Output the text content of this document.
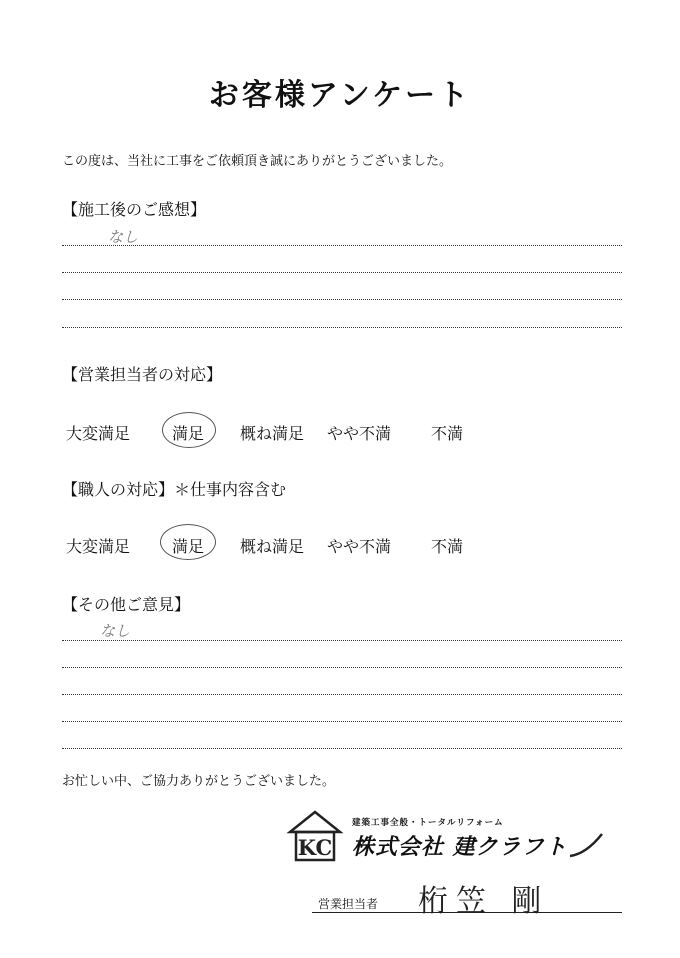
お客様アンケート
この度は、当社に工事をご依頼頂き誠にありがとうございました。
【施工後のご感想】
なし
【営業担当者の対応】
大変満足	満足 概ね満足 やや不満 不満
【職人の対応】＊仕事内容含む
大変満足	満足 概ね満足 やや不満 不満
【その他ご意見】
なし
お忙しい中、ご協力ありがとうございました。
KC
建築工事全般・トータルリフォーム
株式会社 建クラフト
営業担当者 桁笠 剛
